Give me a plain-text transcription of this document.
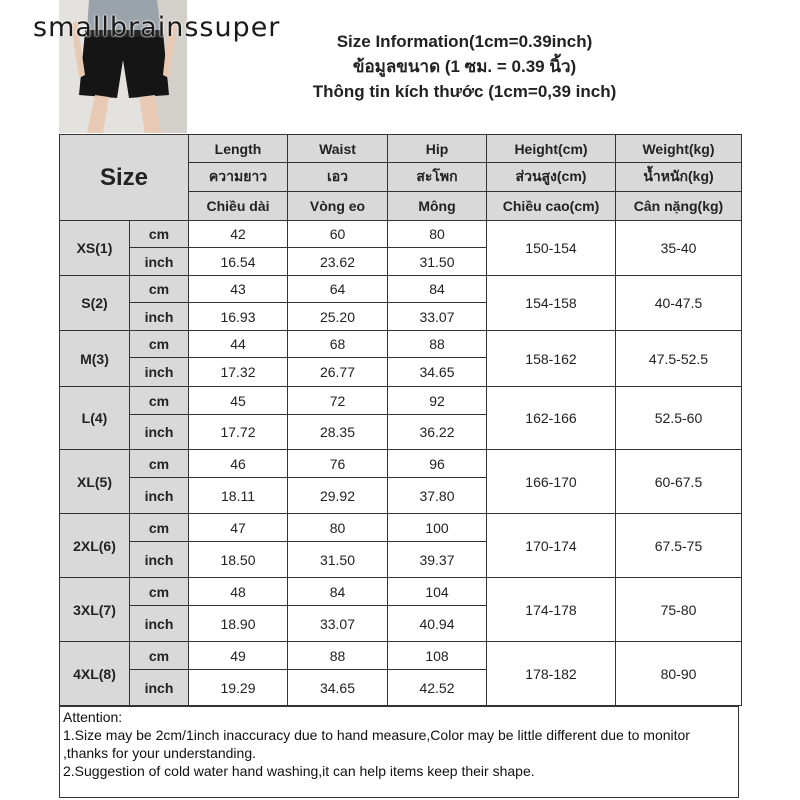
smallbrainssuper	Size Information(1cm=0.39inch)
ข้อมูลขนาด (1 ซม. = 0.39 นิ้ว)
Thông tin kích thước (1cm=0,39 inch)
Size		Length	Waist	Hip	Height(cm)	Weight(kg)
		ความยาว	เอว	สะโพก	ส่วนสูง(cm)	น้ำหนัก(kg)
		Chiều dài	Vòng eo	Mông	Chiều cao(cm)	Cân nặng(kg)
XS(1)	cm	42	60	80	150-154	35-40
	inch	16.54	23.62	31.50		
S(2)	cm	43	64	84	154-158	40-47.5
	inch	16.93	25.20	33.07		
M(3)	cm	44	68	88	158-162	47.5-52.5
	inch	17.32	26.77	34.65		
L(4)	cm	45	72	92	162-166	52.5-60
	inch	17.72	28.35	36.22		
XL(5)	cm	46	76	96	166-170	60-67.5
	inch	18.11	29.92	37.80		
2XL(6)	cm	47	80	100	170-174	67.5-75
	inch	18.50	31.50	39.37		
3XL(7)	cm	48	84	104	174-178	75-80
	inch	18.90	33.07	40.94		
4XL(8)	cm	49	88	108	178-182	80-90
	inch	19.29	34.65	42.52		
Attention:
1.Size may be 2cm/1inch inaccuracy due to hand measure,Color may be little different due to monitor
,thanks for your understanding.
2.Suggestion of cold water hand washing,it can help items keep their shape.
